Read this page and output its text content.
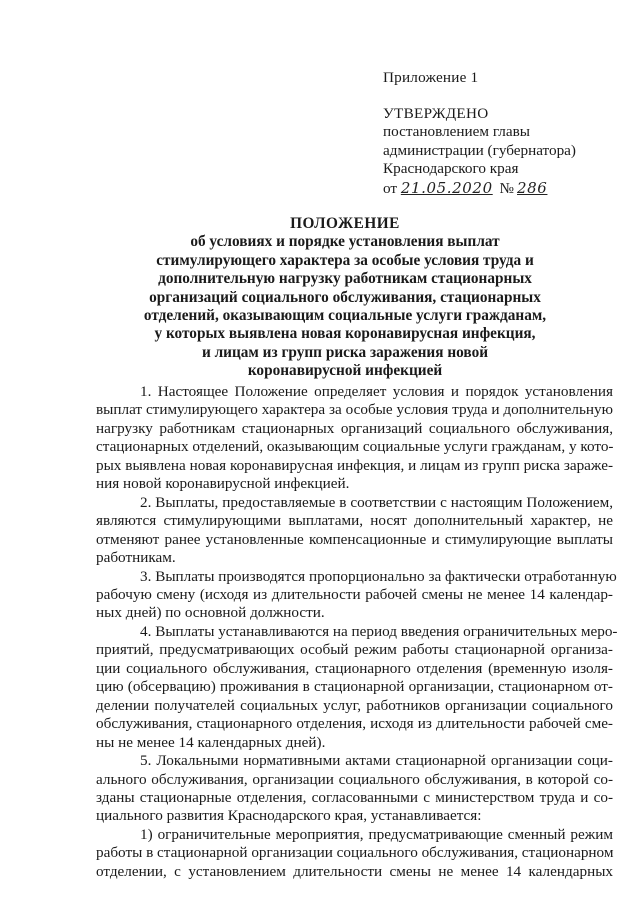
Приложение 1
УТВЕРЖДЕНО
постановлением главы
администрации (губернатора)
Краснодарского края
от 21.05.2020 № 286
ПОЛОЖЕНИЕ
об условиях и порядке установления выплат
стимулирующего характера за особые условия труда и
дополнительную нагрузку работникам стационарных
организаций социального обслуживания, стационарных
отделений, оказывающим социальные услуги гражданам,
у которых выявлена новая коронавирусная инфекция,
и лицам из групп риска заражения новой
коронавирусной инфекцией
1. Настоящее Положение определяет условия и порядок установления
выплат стимулирующего характера за особые условия труда и дополнительную
нагрузку работникам стационарных организаций социального обслуживания,
стационарных отделений, оказывающим социальные услуги гражданам, у кото-
рых выявлена новая коронавирусная инфекция, и лицам из групп риска зараже-
ния новой коронавирусной инфекцией.
2. Выплаты, предоставляемые в соответствии с настоящим Положением,
являются стимулирующими выплатами, носят дополнительный характер, не
отменяют ранее установленные компенсационные и стимулирующие выплаты
работникам.
3. Выплаты производятся пропорционально за фактически отработанную
рабочую смену (исходя из длительности рабочей смены не менее 14 календар-
ных дней) по основной должности.
4. Выплаты устанавливаются на период введения ограничительных меро-
приятий, предусматривающих особый режим работы стационарной организа-
ции социального обслуживания, стационарного отделения (временную изоля-
цию (обсервацию) проживания в стационарной организации, стационарном от-
делении получателей социальных услуг, работников организации социального
обслуживания, стационарного отделения, исходя из длительности рабочей сме-
ны не менее 14 календарных дней).
5. Локальными нормативными актами стационарной организации соци-
ального обслуживания, организации социального обслуживания, в которой со-
зданы стационарные отделения, согласованными с министерством труда и со-
циального развития Краснодарского края, устанавливается:
1) ограничительные мероприятия, предусматривающие сменный режим
работы в стационарной организации социального обслуживания, стационарном
отделении, с установлением длительности смены не менее 14 календарных
